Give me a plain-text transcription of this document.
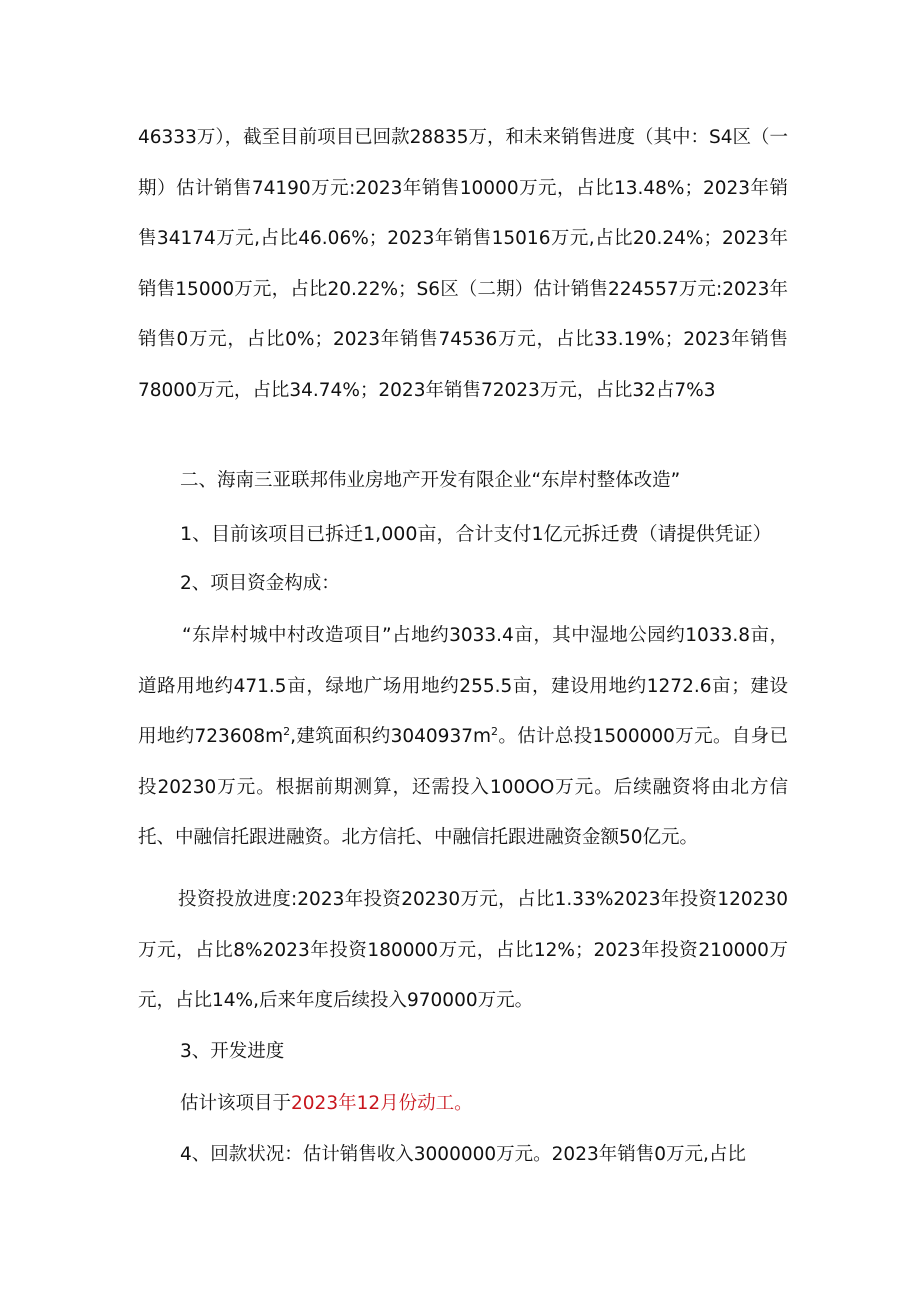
46333万），截至目前项目已回款28835万，和未来销售进度（其中：S4区（一期）估计销售74190万元:2023年销售10000万元，占比13.48%；2023年销售34174万元,占比46.06%；2023年销售15016万元,占比20.24%；2023年销售15000万元，占比20.22%；S6区（二期）估计销售224557万元:2023年销售0万元，占比0%；2023年销售74536万元，占比33.19%；2023年销售78000万元，占比34.74%；2023年销售72023万元，占比32占7%3

二、海南三亚联邦伟业房地产开发有限企业“东岸村整体改造”

1、目前该项目已拆迁1,000亩，合计支付1亿元拆迁费（请提供凭证）

2、项目资金构成：

“东岸村城中村改造项目”占地约3033.4亩，其中湿地公园约1033.8亩，道路用地约471.5亩，绿地广场用地约255.5亩，建设用地约1272.6亩；建设用地约$723608m^2$,建筑面积约$3040937m^2$。估计总投1500000万元。自身已投20230万元。根据前期测算，还需投入100OO万元。后续融资将由北方信托、中融信托跟进融资。北方信托、中融信托跟进融资金额50亿元。

投资投放进度:2023年投资20230万元，占比1.33%2023年投资120230万元，占比8%2023年投资180000万元，占比12%；2023年投资210000万元，占比14%,后来年度后续投入970000万元。

3、开发进度

估计该项目于2023年12月份动工。

4、回款状况：估计销售收入3000000万元。2023年销售0万元,占比
